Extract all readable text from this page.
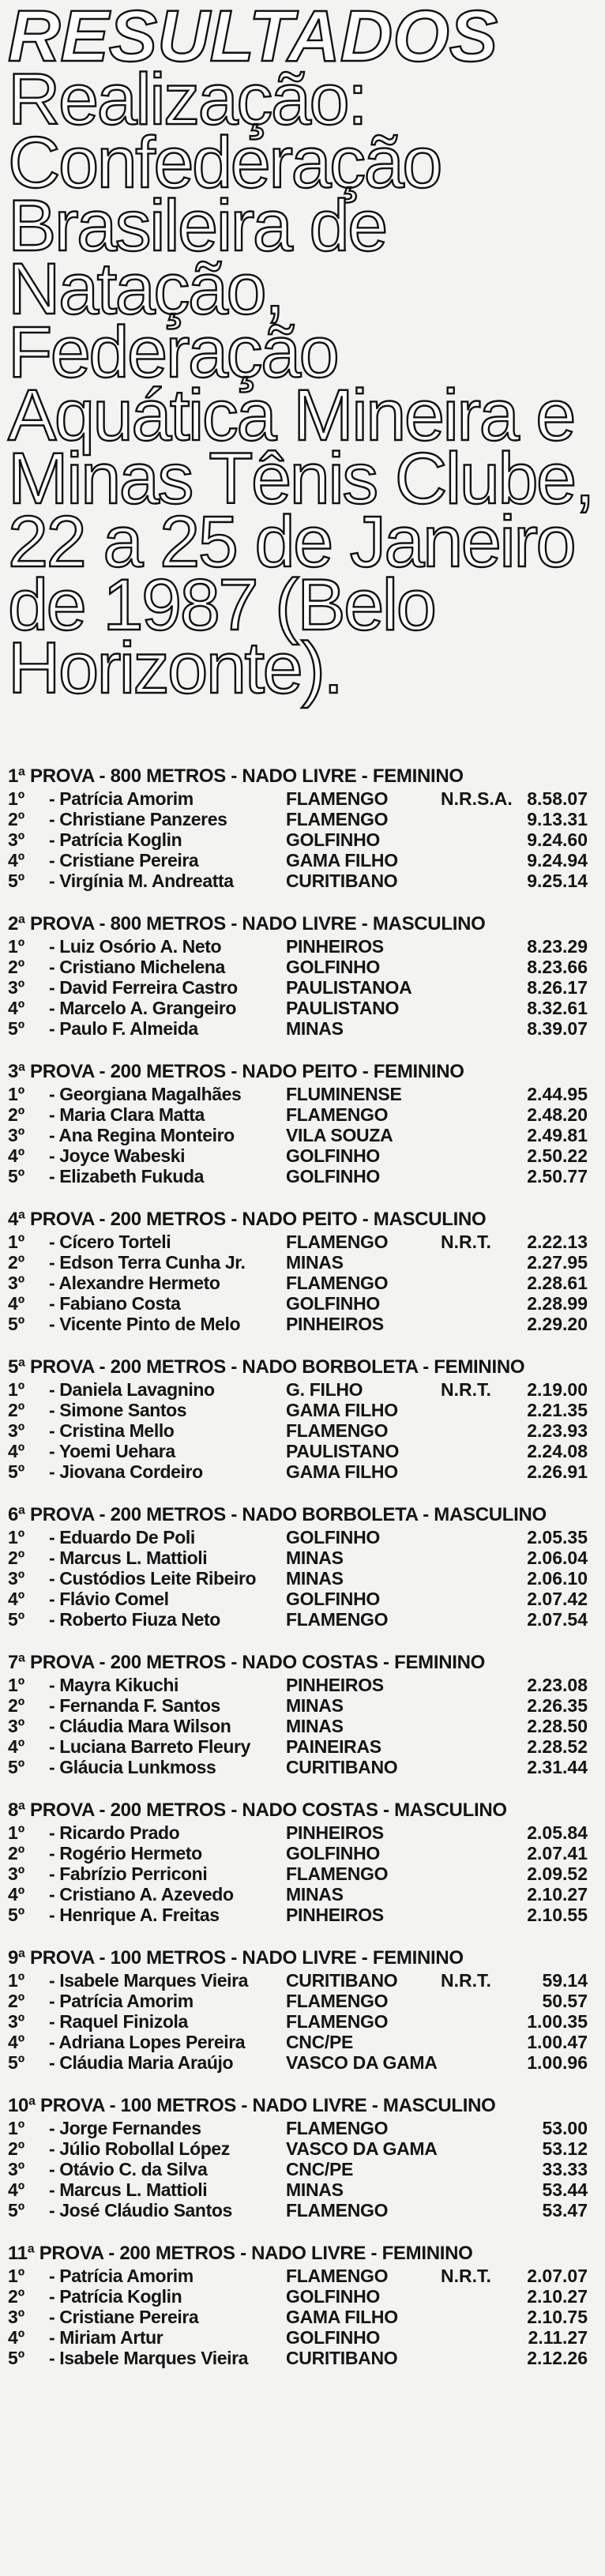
RESULTADOS Realização: Confederação Brasileira de Natação, Federação Aquática Mineira e Minas Tênis Clube, 22 a 25 de Janeiro de 1987 (Belo Horizonte).
1ª PROVA - 800 METROS - NADO LIVRE - FEMININO
1º - Patrícia Amorim	FLAMENGO	N.R.S.A. 8.58.07
2º - Christiane Panzeres	FLAMENGO	9.13.31
3º - Patrícia Koglin	GOLFINHO	9.24.60
4º - Cristiane Pereira	GAMA FILHO	9.24.94
5º - Virgínia M. Andreatta	CURITIBANO	9.25.14
2ª PROVA - 800 METROS - NADO LIVRE - MASCULINO
1º - Luiz Osório A. Neto	PINHEIROS	8.23.29
2º - Cristiano Michelena	GOLFINHO	8.23.66
3º - David Ferreira Castro	PAULISTANOA	8.26.17
4º - Marcelo A. Grangeiro	PAULISTANO	8.32.61
5º - Paulo F. Almeida	MINAS	8.39.07
3ª PROVA - 200 METROS - NADO PEITO - FEMININO
1º - Georgiana Magalhães	FLUMINENSE	2.44.95
2º - Maria Clara Matta	FLAMENGO	2.48.20
3º - Ana Regina Monteiro	VILA SOUZA	2.49.81
4º - Joyce Wabeski	GOLFINHO	2.50.22
5º - Elizabeth Fukuda	GOLFINHO	2.50.77
4ª PROVA - 200 METROS - NADO PEITO - MASCULINO
1º - Cícero Torteli	FLAMENGO	N.R.T. 2.22.13
2º - Edson Terra Cunha Jr.	MINAS	2.27.95
3º - Alexandre Hermeto	FLAMENGO	2.28.61
4º - Fabiano Costa	GOLFINHO	2.28.99
5º - Vicente Pinto de Melo	PINHEIROS	2.29.20
5ª PROVA - 200 METROS - NADO BORBOLETA - FEMININO
1º - Daniela Lavagnino	G. FILHO	N.R.T. 2.19.00
2º - Simone Santos	GAMA FILHO	2.21.35
3º - Cristina Mello	FLAMENGO	2.23.93
4º - Yoemi Uehara	PAULISTANO	2.24.08
5º - Jiovana Cordeiro	GAMA FILHO	2.26.91
6ª PROVA - 200 METROS - NADO BORBOLETA - MASCULINO
1º - Eduardo De Poli	GOLFINHO	2.05.35
2º - Marcus L. Mattioli	MINAS	2.06.04
3º - Custódios Leite Ribeiro	MINAS	2.06.10
4º - Flávio Comel	GOLFINHO	2.07.42
5º - Roberto Fiuza Neto	FLAMENGO	2.07.54
7ª PROVA - 200 METROS - NADO COSTAS - FEMININO
1º - Mayra Kikuchi	PINHEIROS	2.23.08
2º - Fernanda F. Santos	MINAS	2.26.35
3º - Cláudia Mara Wilson	MINAS	2.28.50
4º - Luciana Barreto Fleury	PAINEIRAS	2.28.52
5º - Gláucia Lunkmoss	CURITIBANO	2.31.44
8ª PROVA - 200 METROS - NADO COSTAS - MASCULINO
1º - Ricardo Prado	PINHEIROS	2.05.84
2º - Rogério Hermeto	GOLFINHO	2.07.41
3º - Fabrízio Perriconi	FLAMENGO	2.09.52
4º - Cristiano A. Azevedo	MINAS	2.10.27
5º - Henrique A. Freitas	PINHEIROS	2.10.55
9ª PROVA - 100 METROS - NADO LIVRE - FEMININO
1º - Isabele Marques Vieira	CURITIBANO N.R.T.	59.14
2º - Patrícia Amorim	FLAMENGO	50.57
3º - Raquel Finizola	FLAMENGO	1.00.35
4º - Adriana Lopes Pereira	CNC/PE	1.00.47
5º - Cláudia Maria Araújo	VASCO DA GAMA	1.00.96
10ª PROVA - 100 METROS - NADO LIVRE - MASCULINO
1º - Jorge Fernandes	FLAMENGO	53.00
2º - Júlio Robollal López	VASCO DA GAMA	53.12
3º - Otávio C. da Silva	CNC/PE	33.33
4º - Marcus L. Mattioli	MINAS	53.44
5º - José Cláudio Santos	FLAMENGO	53.47
11ª PROVA - 200 METROS - NADO LIVRE - FEMININO
1º - Patrícia Amorim	FLAMENGO	N.R.T. 2.07.07
2º - Patrícia Koglin	GOLFINHO	2.10.27
3º - Cristiane Pereira	GAMA FILHO	2.10.75
4º - Miriam Artur	GOLFINHO	2.11.27
5º - Isabele Marques Vieira	CURITIBANO	2.12.26
